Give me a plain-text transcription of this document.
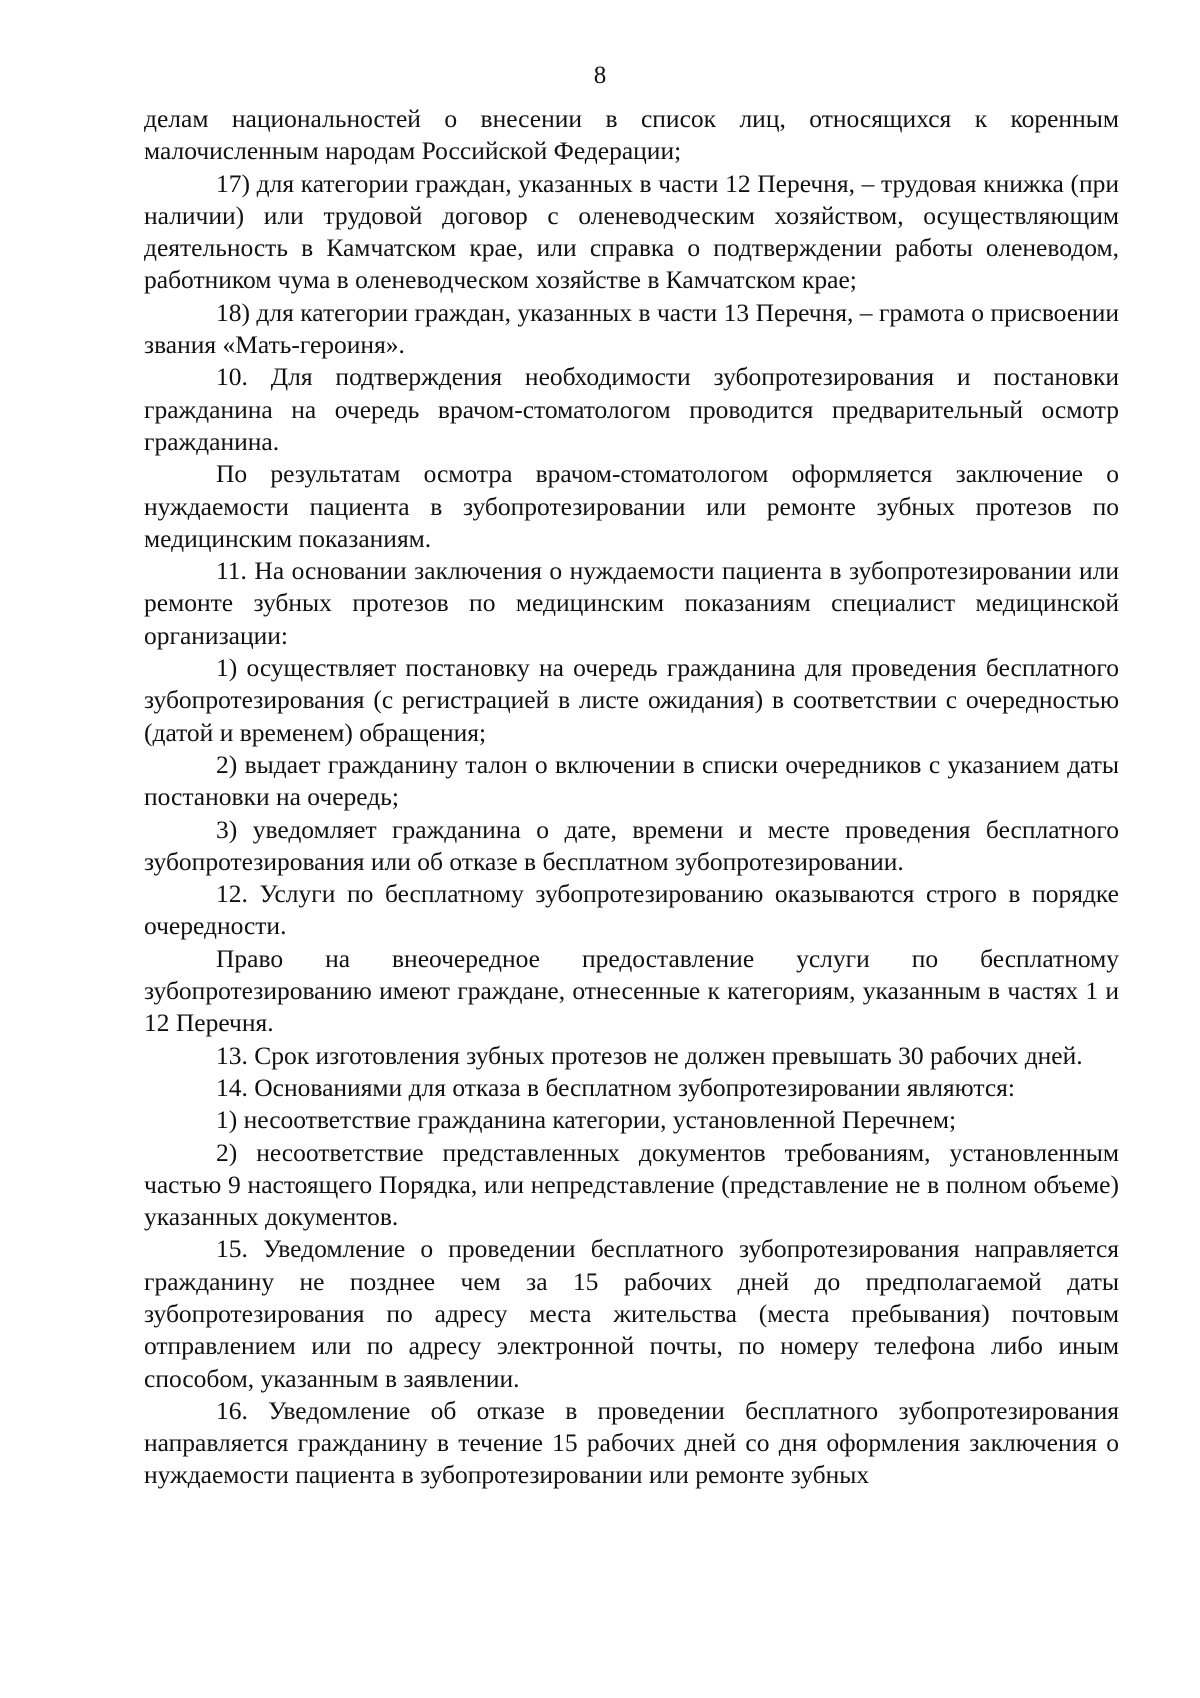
8

делам национальностей о внесении в список лиц, относящихся к коренным малочисленным народам Российской Федерации;

17) для категории граждан, указанных в части 12 Перечня, – трудовая книжка (при наличии) или трудовой договор с оленеводческим хозяйством, осуществляющим деятельность в Камчатском крае, или справка о подтверждении работы оленеводом, работником чума в оленеводческом хозяйстве в Камчатском крае;

18) для категории граждан, указанных в части 13 Перечня, – грамота о присвоении звания «Мать-героиня».

10. Для подтверждения необходимости зубопротезирования и постановки гражданина на очередь врачом-стоматологом проводится предварительный осмотр гражданина.

По результатам осмотра врачом-стоматологом оформляется заключение о нуждаемости пациента в зубопротезировании или ремонте зубных протезов по медицинским показаниям.

11. На основании заключения о нуждаемости пациента в зубопротезировании или ремонте зубных протезов по медицинским показаниям специалист медицинской организации:

1) осуществляет постановку на очередь гражданина для проведения бесплатного зубопротезирования (с регистрацией в листе ожидания) в соответствии с очередностью (датой и временем) обращения;

2) выдает гражданину талон о включении в списки очередников с указанием даты постановки на очередь;

3) уведомляет гражданина о дате, времени и месте проведения бесплатного зубопротезирования или об отказе в бесплатном зубопротезировании.

12. Услуги по бесплатному зубопротезированию оказываются строго в порядке очередности.

Право на внеочередное предоставление услуги по бесплатному зубопротезированию имеют граждане, отнесенные к категориям, указанным в частях 1 и 12 Перечня.

13. Срок изготовления зубных протезов не должен превышать 30 рабочих дней.

14. Основаниями для отказа в бесплатном зубопротезировании являются:

1) несоответствие гражданина категории, установленной Перечнем;

2) несоответствие представленных документов требованиям, установленным частью 9 настоящего Порядка, или непредставление (представление не в полном объеме) указанных документов.

15. Уведомление о проведении бесплатного зубопротезирования направляется гражданину не позднее чем за 15 рабочих дней до предполагаемой даты зубопротезирования по адресу места жительства (места пребывания) почтовым отправлением или по адресу электронной почты, по номеру телефона либо иным способом, указанным в заявлении.

16. Уведомление об отказе в проведении бесплатного зубопротезирования направляется гражданину в течение 15 рабочих дней со дня оформления заключения о нуждаемости пациента в зубопротезировании или ремонте зубных
